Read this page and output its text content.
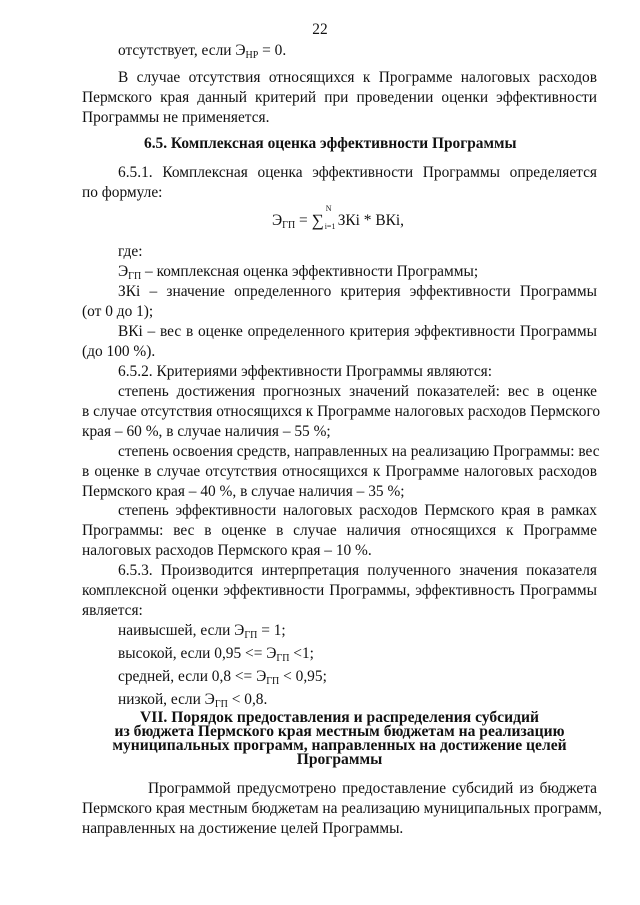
22
отсутствует, если $Э_{НР} = 0$.
В случае отсутствия относящихся к Программе налоговых расходов
Пермского края данный критерий при проведении оценки эффективности
Программы не применяется.
6.5. Комплексная оценка эффективности Программы
6.5.1. Комплексная оценка эффективности Программы определяется
по формуле:
$Э_{ГП}$ = ∑
N
i=1 ЗКi * ВКi,
где:
$Э_{ГП}$ – комплексная оценка эффективности Программы;
ЗКi – значение определенного критерия эффективности Программы
(от 0 до 1);
ВКi – вес в оценке определенного критерия эффективности Программы
(до 100 %).
6.5.2. Критериями эффективности Программы являются:
степень достижения прогнозных значений показателей: вес в оценке
в случае отсутствия относящихся к Программе налоговых расходов Пермского
края – 60 %, в случае наличия – 55 %;
степень освоения средств, направленных на реализацию Программы: вес
в оценке в случае отсутствия относящихся к Программе налоговых расходов
Пермского края – 40 %, в случае наличия – 35 %;
степень эффективности налоговых расходов Пермского края в рамках
Программы: вес в оценке в случае наличия относящихся к Программе
налоговых расходов Пермского края – 10 %.
6.5.3. Производится интерпретация полученного значения показателя
комплексной оценки эффективности Программы, эффективность Программы
является:
наивысшей, если $Э_{ГП} = 1$;
высокой, если $0,95 <= Э_{ГП} <1$;
средней, если $0,8 <= Э_{ГП} < 0,95$;
низкой, если $Э_{ГП} < 0,8$.
VII. Порядок предоставления и распределения субсидий
из бюджета Пермского края местным бюджетам на реализацию
муниципальных программ, направленных на достижение целей
Программы
Программой предусмотрено предоставление субсидий из бюджета
Пермского края местным бюджетам на реализацию муниципальных программ,
направленных на достижение целей Программы.
